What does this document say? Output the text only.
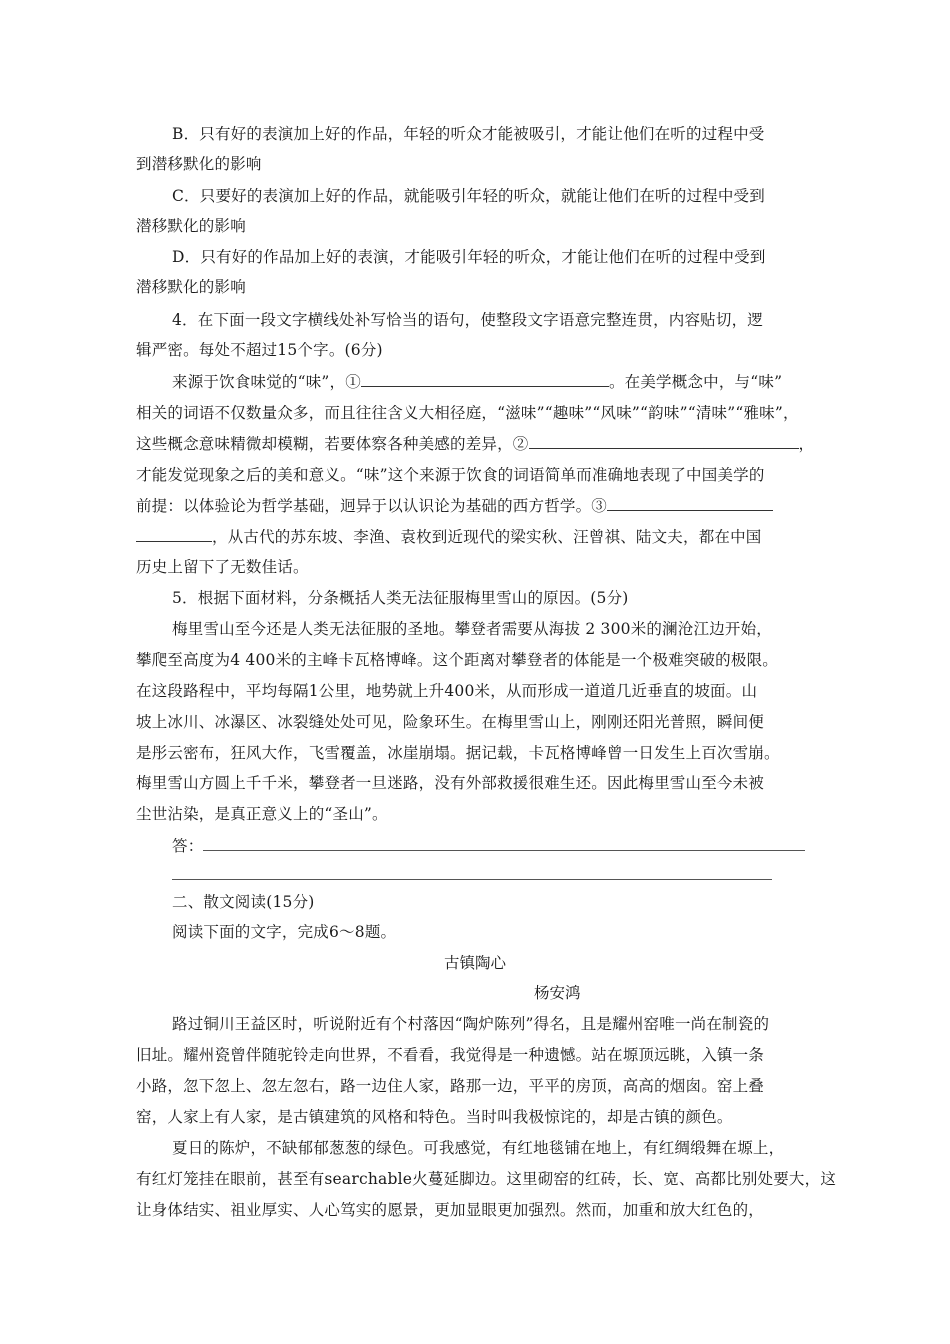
B．只有好的表演加上好的作品，年轻的听众才能被吸引，才能让他们在听的过程中受
到潜移默化的影响
C．只要好的表演加上好的作品，就能吸引年轻的听众，就能让他们在听的过程中受到
潜移默化的影响
D．只有好的作品加上好的表演，才能吸引年轻的听众，才能让他们在听的过程中受到
潜移默化的影响
4．在下面一段文字横线处补写恰当的语句，使整段文字语意完整连贯，内容贴切，逻
辑严密。每处不超过15个字。(6分)
来源于饮食味觉的“味”，①	。在美学概念中，与“味”
相关的词语不仅数量众多，而且往往含义大相径庭，“滋味”“趣味”“风味”“韵味”“清味”“雅味”，
这些概念意味精微却模糊，若要体察各种美感的差异，②	，
才能发觉现象之后的美和意义。“味”这个来源于饮食的词语简单而准确地表现了中国美学的
前提：以体验论为哲学基础，迥异于以认识论为基础的西方哲学。③
，从古代的苏东坡、李渔、袁枚到近现代的梁实秋、汪曾祺、陆文夫，都在中国
历史上留下了无数佳话。
5．根据下面材料，分条概括人类无法征服梅里雪山的原因。(5分)
梅里雪山至今还是人类无法征服的圣地。攀登者需要从海拔 2 300米的澜沧江边开始，
攀爬至高度为4 400米的主峰卡瓦格博峰。这个距离对攀登者的体能是一个极难突破的极限。
在这段路程中，平均每隔1公里，地势就上升400米，从而形成一道道几近垂直的坡面。山
坡上冰川、冰瀑区、冰裂缝处处可见，险象环生。在梅里雪山上，刚刚还阳光普照，瞬间便
是彤云密布，狂风大作，飞雪覆盖，冰崖崩塌。据记载，卡瓦格博峰曾一日发生上百次雪崩。
梅里雪山方圆上千千米，攀登者一旦迷路，没有外部救援很难生还。因此梅里雪山至今未被
尘世沾染，是真正意义上的“圣山”。
答：
二、散文阅读(15分)
阅读下面的文字，完成6～8题。
古镇陶心
杨安鸿
路过铜川王益区时，听说附近有个村落因“陶炉陈列”得名，且是耀州窑唯一尚在制瓷的
旧址。耀州瓷曾伴随驼铃走向世界，不看看，我觉得是一种遗憾。站在塬顶远眺，入镇一条
小路，忽下忽上、忽左忽右，路一边住人家，路那一边，平平的房顶，高高的烟囱。窑上叠
窑，人家上有人家，是古镇建筑的风格和特色。当时叫我极惊诧的，却是古镇的颜色。
夏日的陈炉，不缺郁郁葱葱的绿色。可我感觉，有红地毯铺在地上，有红绸缎舞在塬上，
有红灯笼挂在眼前，甚至有searchable火蔓延脚边。这里砌窑的红砖，长、宽、高都比别处要大，这
让身体结实、祖业厚实、人心笃实的愿景，更加显眼更加强烈。然而，加重和放大红色的，
